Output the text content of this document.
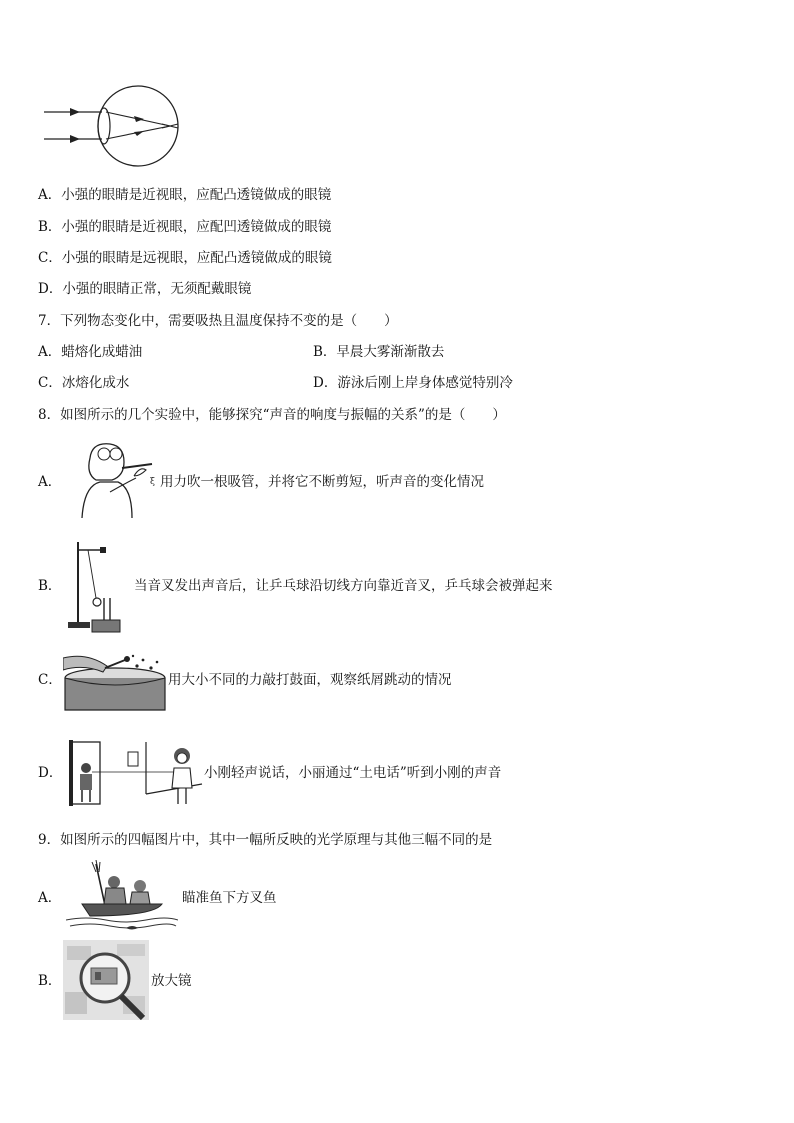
A．小强的眼睛是近视眼，应配凸透镜做成的眼镜
B．小强的眼睛是近视眼，应配凹透镜做成的眼镜
C．小强的眼睛是远视眼，应配凸透镜做成的眼镜
D．小强的眼睛正常，无须配戴眼镜
7．下列物态变化中，需要吸热且温度保持不变的是（　　）
A．蜡熔化成蜡油	B．早晨大雾渐渐散去
C．冰熔化成水	D．游泳后刚上岸身体感觉特别冷
8．如图所示的几个实验中，能够探究“声音的响度与振幅的关系”的是（　　）
A．	ξ 用力吹一根吸管，并将它不断剪短，听声音的变化情况
B．	当音叉发出声音后，让乒乓球沿切线方向靠近音叉，乒乓球会被弹起来
C．	用大小不同的力敲打鼓面，观察纸屑跳动的情况
D．	小刚轻声说话，小丽通过“土电话”听到小刚的声音
9．如图所示的四幅图片中，其中一幅所反映的光学原理与其他三幅不同的是
A．	瞄准鱼下方叉鱼
B．	放大镜
